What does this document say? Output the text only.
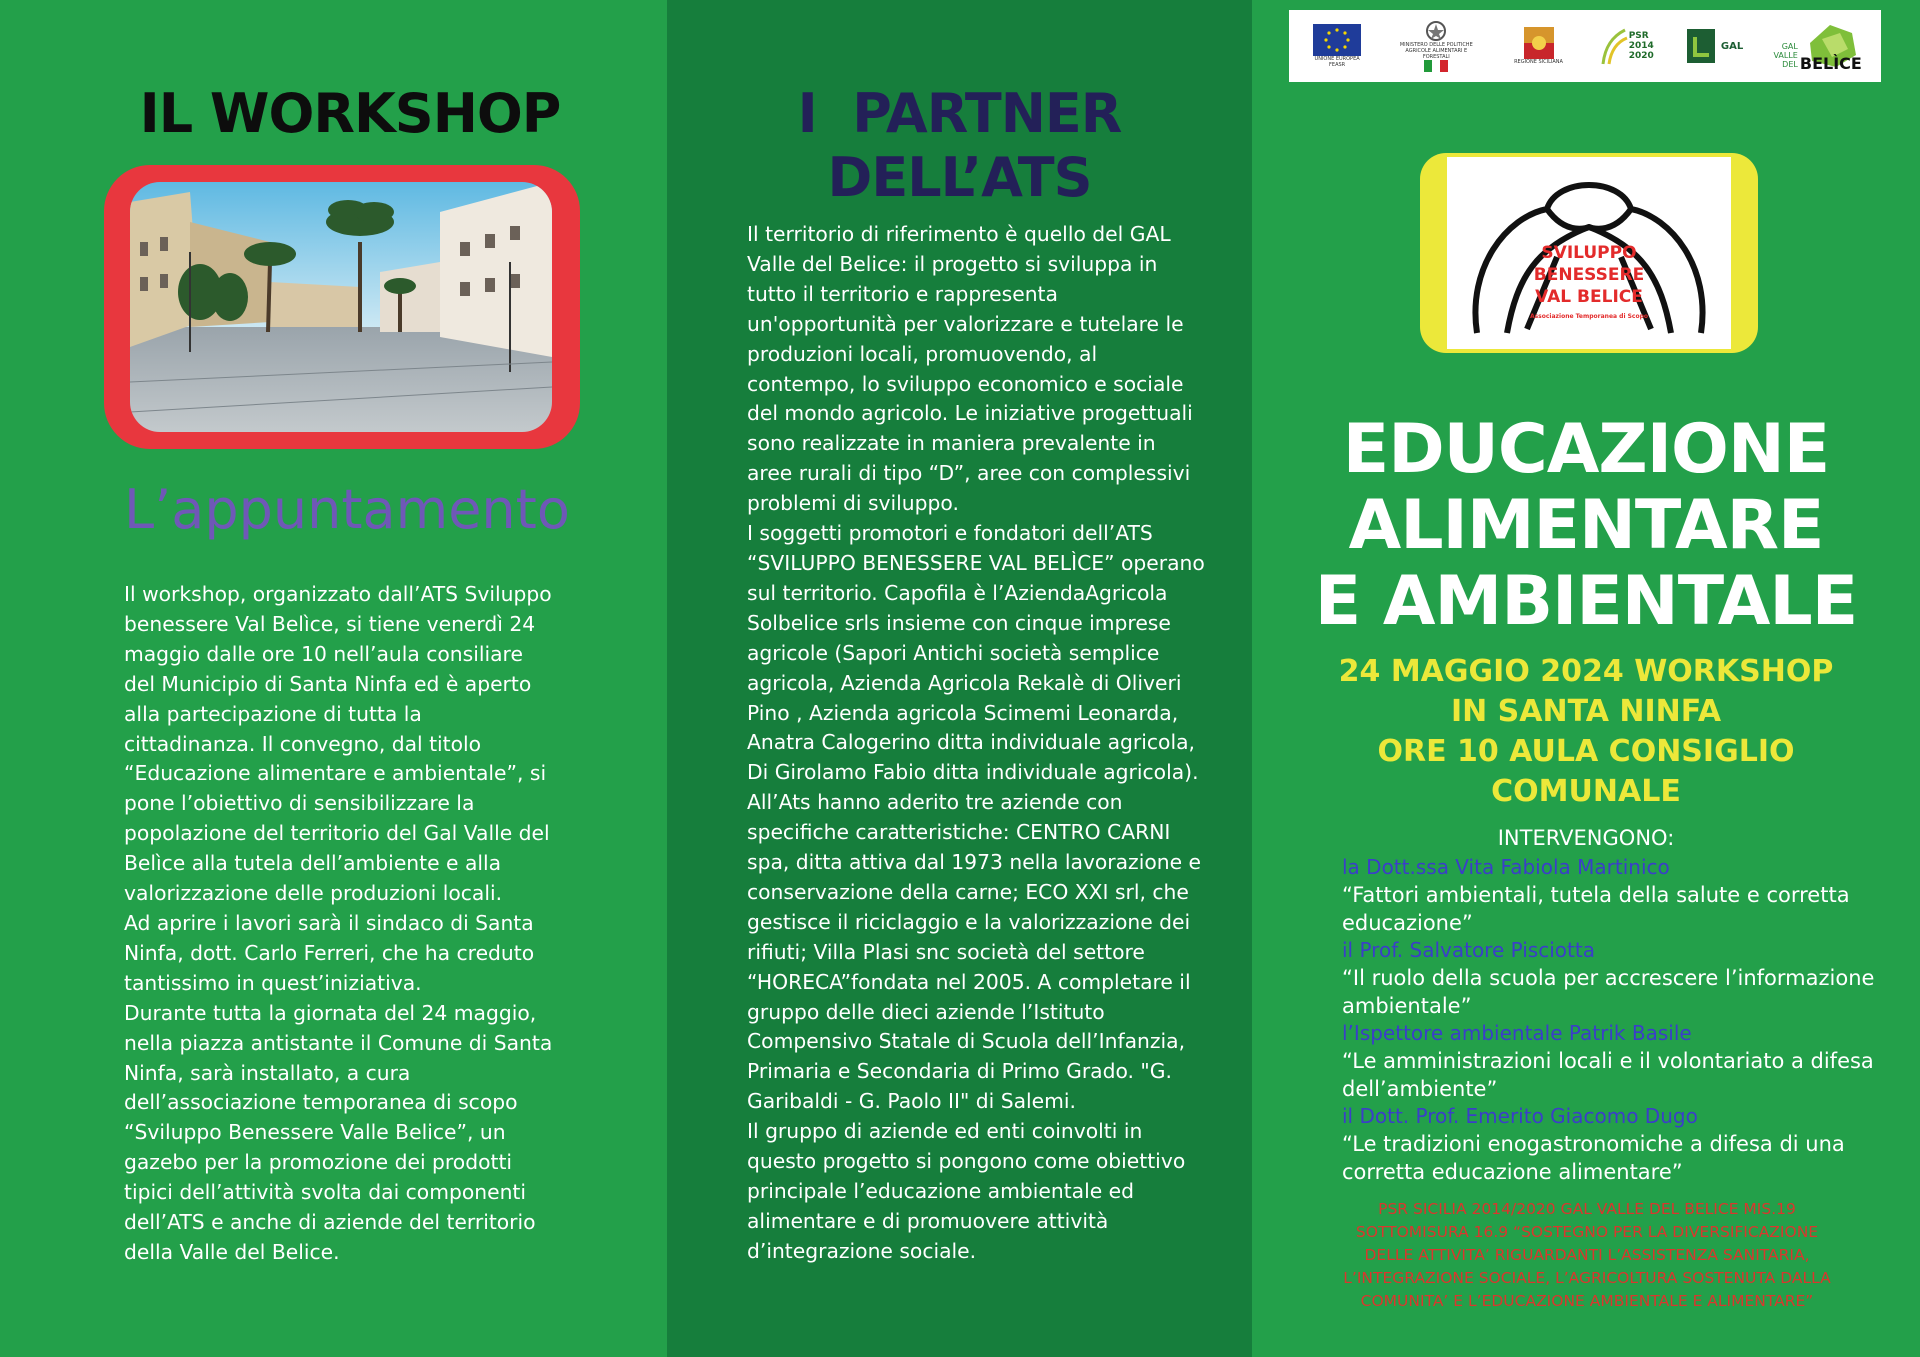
IL WORKSHOP
L’appuntamento
Il workshop, organizzato dall’ATS Sviluppo benessere Val Belìce, si tiene venerdì 24 maggio dalle ore 10 nell’aula consiliare del Municipio di Santa Ninfa ed è aperto alla partecipazione di tutta la cittadinanza. Il convegno, dal titolo “Educazione alimentare e ambientale”, si pone l’obiettivo di sensibilizzare la popolazione del territorio del Gal Valle del Belìce alla tutela dell’ambiente e alla valorizzazione delle produzioni locali.
Ad aprire i lavori sarà il sindaco di Santa Ninfa, dott. Carlo Ferreri, che ha creduto tantissimo in quest’iniziativa.
Durante tutta la giornata del 24 maggio, nella piazza antistante il Comune di Santa Ninfa, sarà installato, a cura dell’associazione temporanea di scopo “Sviluppo Benessere Valle Belice”, un gazebo per la promozione dei prodotti tipici dell’attività svolta dai componenti dell’ATS e anche di aziende del territorio della Valle del Belice.
I  PARTNER
DELL’ATS
Il territorio di riferimento è quello del GAL Valle del Belice: il progetto si sviluppa in tutto il territorio e rappresenta un'opportunità per valorizzare e tutelare le produzioni locali, promuovendo, al contempo, lo sviluppo economico e sociale del mondo agricolo. Le iniziative progettuali sono realizzate in maniera prevalente in aree rurali di tipo “D”, aree con complessivi problemi di sviluppo.
I soggetti promotori e fondatori dell’ATS “SVILUPPO BENESSERE VAL BELÌCE” operano sul territorio. Capofila è l’AziendaAgricola Solbelice srls insieme con cinque imprese agricole (Sapori Antichi società semplice agricola, Azienda Agricola Rekalè di Oliveri Pino , Azienda agricola Scimemi Leonarda, Anatra Calogerino ditta individuale agricola, Di Girolamo Fabio ditta individuale agricola).
All’Ats hanno aderito tre aziende con specifiche caratteristiche: CENTRO CARNI spa, ditta attiva dal 1973 nella lavorazione e conservazione della carne; ECO XXI srl, che gestisce il riciclaggio e la valorizzazione dei rifiuti; Villa Plasi snc società del settore “HORECA”fondata nel 2005. A completare il gruppo delle dieci aziende l’Istituto Compensivo Statale di Scuola dell’Infanzia, Primaria e Secondaria di Primo Grado. "G. Garibaldi - G. Paolo II" di Salemi.
Il gruppo di aziende ed enti coinvolti in questo progetto si pongono come obiettivo principale l’educazione ambientale ed alimentare e di promuovere attività d’integrazione sociale.
UNIONE EUROPEA FEASR
MINISTERO DELLE POLITICHE AGRICOLE ALIMENTARI E FORESTALI
REGIONE SICILIANA
PSR 2014 2020
GAL	GAL
VALLE
DEL BELÌCE
SVILUPPO
BENESSERE
VAL BELICE
Associazione Temporanea di Scopo
EDUCAZIONE
ALIMENTARE
E AMBIENTALE
24 MAGGIO 2024 WORKSHOP
IN SANTA NINFA
ORE 10 AULA CONSIGLIO
COMUNALE
INTERVENGONO:
la Dott.ssa Vita Fabiola Martinico
“Fattori ambientali, tutela della salute e corretta educazione”
il Prof. Salvatore Pisciotta
“Il ruolo della scuola per accrescere l’informazione ambientale”
l’Ispettore ambientale Patrik Basile
“Le amministrazioni locali e il volontariato a difesa dell’ambiente”
il Dott. Prof. Emerito Giacomo Dugo
“Le tradizioni enogastronomiche a difesa di una corretta educazione alimentare”
PSR SICILIA 2014/2020 GAL VALLE DEL BELICE MIS.19 SOTTOMISURA 16.9 “SOSTEGNO PER LA DIVERSIFICAZIONE DELLE ATTIVITA’ RIGUARDANTI L’ASSISTENZA SANITARIA, L’INTEGRAZIONE SOCIALE, L’AGRICOLTURA SOSTENUTA DALLA COMUNITA’ E L’EDUCAZIONE AMBIENTALE E ALIMENTARE”
